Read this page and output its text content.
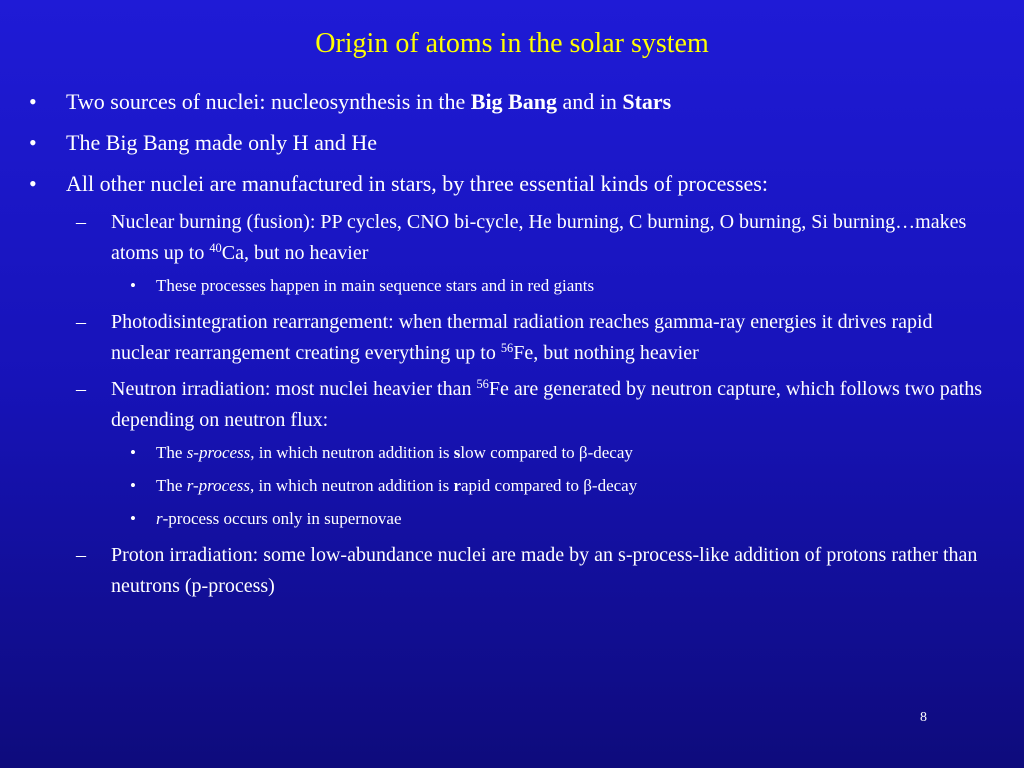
Origin of atoms in the solar system
• Two sources of nuclei: nucleosynthesis in the Big Bang and in Stars
• The Big Bang made only H and He
• All other nuclei are manufactured in stars, by three essential kinds of processes:
– Nuclear burning (fusion): PP cycles, CNO bi-cycle, He burning, C burning, O burning, Si burning…makes atoms up to $^{40}$Ca, but no heavier
• These processes happen in main sequence stars and in red giants
– Photodisintegration rearrangement: when thermal radiation reaches gamma-ray energies it drives rapid nuclear rearrangement creating everything up to $^{56}$Fe, but nothing heavier
– Neutron irradiation: most nuclei heavier than $^{56}$Fe are generated by neutron capture, which follows two paths depending on neutron flux:
• The s-process, in which neutron addition is slow compared to β-decay
• The r-process, in which neutron addition is rapid compared to β-decay
• r-process occurs only in supernovae
– Proton irradiation: some low-abundance nuclei are made by an s-process-like addition of protons rather than neutrons (p-process)
8
